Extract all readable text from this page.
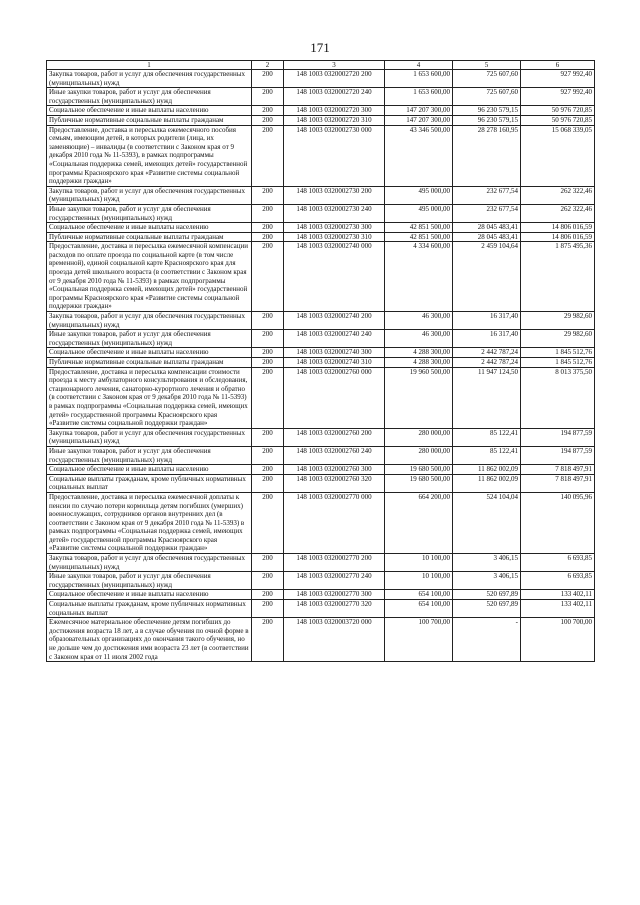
171
1	2	3	4	5	6
Закупка товаров, работ и услуг для обеспечения государственных (муниципальных) нужд	200	148 1003 0320002720 200	1 653 600,00	725 607,60	927 992,40
Иные закупки товаров, работ и услуг для обеспечения государственных (муниципальных) нужд	200	148 1003 0320002720 240	1 653 600,00	725 607,60	927 992,40
Социальное обеспечение и иные выплаты населению	200	148 1003 0320002720 300	147 207 300,00	96 230 579,15	50 976 720,85
Публичные нормативные социальные выплаты гражданам	200	148 1003 0320002720 310	147 207 300,00	96 230 579,15	50 976 720,85
Предоставление, доставка и пересылка ежемесячного пособия семьям, имеющим детей, в которых родители (лица, их заменяющие) – инвалиды (в соответствии с Законом края от 9 декабря 2010 года № 11-5393), в рамках подпрограммы «Социальная поддержка семей, имеющих детей» государственной программы Красноярского края «Развитие системы социальной поддержки граждан»	200	148 1003 0320002730 000	43 346 500,00	28 278 160,95	15 068 339,05
Закупка товаров, работ и услуг для обеспечения государственных (муниципальных) нужд	200	148 1003 0320002730 200	495 000,00	232 677,54	262 322,46
Иные закупки товаров, работ и услуг для обеспечения государственных (муниципальных) нужд	200	148 1003 0320002730 240	495 000,00	232 677,54	262 322,46
Социальное обеспечение и иные выплаты населению	200	148 1003 0320002730 300	42 851 500,00	28 045 483,41	14 806 016,59
Публичные нормативные социальные выплаты гражданам	200	148 1003 0320002730 310	42 851 500,00	28 045 483,41	14 806 016,59
Предоставление, доставка и пересылка ежемесячной компенсации расходов по оплате проезда по социальной карте (в том числе временной), единой социальной карте Красноярского края для проезда детей школьного возраста (в соответствии с Законом края от 9 декабря 2010 года № 11-5393) в рамках подпрограммы «Социальная поддержка семей, имеющих детей» государственной программы Красноярского края «Развитие системы социальной поддержки граждан»	200	148 1003 0320002740 000	4 334 600,00	2 459 104,64	1 875 495,36
Закупка товаров, работ и услуг для обеспечения государственных (муниципальных) нужд	200	148 1003 0320002740 200	46 300,00	16 317,40	29 982,60
Иные закупки товаров, работ и услуг для обеспечения государственных (муниципальных) нужд	200	148 1003 0320002740 240	46 300,00	16 317,40	29 982,60
Социальное обеспечение и иные выплаты населению	200	148 1003 0320002740 300	4 288 300,00	2 442 787,24	1 845 512,76
Публичные нормативные социальные выплаты гражданам	200	148 1003 0320002740 310	4 288 300,00	2 442 787,24	1 845 512,76
Предоставление, доставка и пересылка компенсации стоимости проезда к месту амбулаторного консультирования и обследования, стационарного лечения, санаторно-курортного лечения и обратно (в соответствии с Законом края от 9 декабря 2010 года № 11-5393) в рамках подпрограммы «Социальная поддержка семей, имеющих детей» государственной программы Красноярского края «Развитие системы социальной поддержки граждан»	200	148 1003 0320002760 000	19 960 500,00	11 947 124,50	8 013 375,50
Закупка товаров, работ и услуг для обеспечения государственных (муниципальных) нужд	200	148 1003 0320002760 200	280 000,00	85 122,41	194 877,59
Иные закупки товаров, работ и услуг для обеспечения государственных (муниципальных) нужд	200	148 1003 0320002760 240	280 000,00	85 122,41	194 877,59
Социальное обеспечение и иные выплаты населению	200	148 1003 0320002760 300	19 680 500,00	11 862 002,09	7 818 497,91
Социальные выплаты гражданам, кроме публичных нормативных социальных выплат	200	148 1003 0320002760 320	19 680 500,00	11 862 002,09	7 818 497,91
Предоставление, доставка и пересылка ежемесячной доплаты к пенсии по случаю потери кормильца детям погибших (умерших) военнослужащих, сотрудников органов внутренних дел (в соответствии с Законом края от 9 декабря 2010 года № 11-5393) в рамках подпрограммы «Социальная поддержка семей, имеющих детей» государственной программы Красноярского края «Развитие системы социальной поддержки граждан»	200	148 1003 0320002770 000	664 200,00	524 104,04	140 095,96
Закупка товаров, работ и услуг для обеспечения государственных (муниципальных) нужд	200	148 1003 0320002770 200	10 100,00	3 406,15	6 693,85
Иные закупки товаров, работ и услуг для обеспечения государственных (муниципальных) нужд	200	148 1003 0320002770 240	10 100,00	3 406,15	6 693,85
Социальное обеспечение и иные выплаты населению	200	148 1003 0320002770 300	654 100,00	520 697,89	133 402,11
Социальные выплаты гражданам, кроме публичных нормативных социальных выплат	200	148 1003 0320002770 320	654 100,00	520 697,89	133 402,11
Ежемесячное материальное обеспечение детям погибших до достижения возраста 18 лет, а в случае обучения по очной форме в образовательных организациях до окончания такого обучения, но не дольше чем до достижения ими возраста 23 лет (в соответствии с Законом края от 11 июля 2002 года	200	148 1003 0320003720 000	100 700,00	-	100 700,00
